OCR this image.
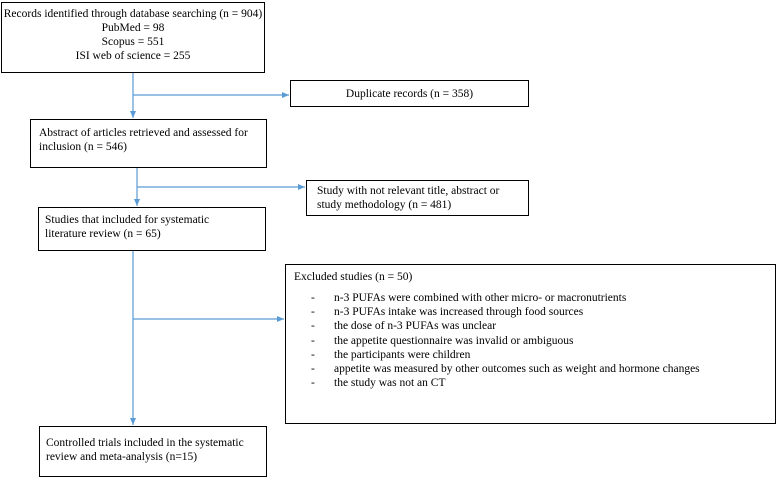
Records identified through database searching (n = 904)
PubMed = 98
Scopus = 551
ISI web of science = 255
Duplicate records (n = 358)
Abstract of articles retrieved and assessed for
inclusion (n = 546)
Study with not relevant title, abstract or
study methodology (n = 481)
Studies that included for systematic
literature review (n = 65)
Excluded studies (n = 50)
- n-3 PUFAs were combined with other micro- or macronutrients
- n-3 PUFAs intake was increased through food sources
- the dose of n-3 PUFAs was unclear
- the appetite questionnaire was invalid or ambiguous
- the participants were children
- appetite was measured by other outcomes such as weight and hormone changes
- the study was not an CT
Controlled trials included in the systematic
review and meta-analysis (n=15)
